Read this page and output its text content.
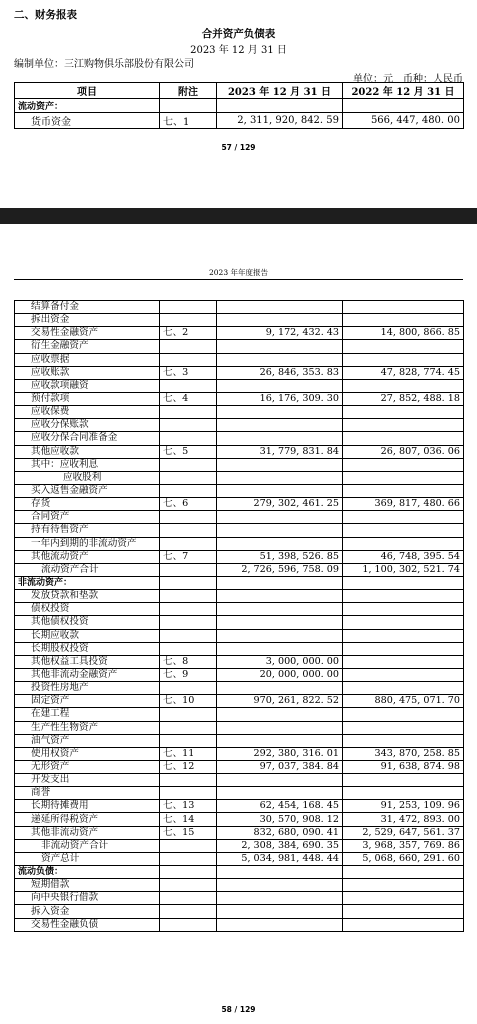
二、财务报表
合并资产负债表
2023 年 12 月 31 日
编制单位：三江购物俱乐部股份有限公司
单位：元　币种：人民币
项目	附注	2023 年 12 月 31 日	2022 年 12 月 31 日
流动资产：			
货币资金	七、1	2, 311, 920, 842. 59	566, 447, 480. 00
57 / 129
2023 年年度报告
结算备付金			
拆出资金			
交易性金融资产	七、2	9, 172, 432. 43	14, 800, 866. 85
衍生金融资产			
应收票据			
应收账款	七、3	26, 846, 353. 83	47, 828, 774. 45
应收款项融资			
预付款项	七、4	16, 176, 309. 30	27, 852, 488. 18
应收保费			
应收分保账款			
应收分保合同准备金			
其他应收款	七、5	31, 779, 831. 84	26, 807, 036. 06
其中：应收利息			
应收股利			
买入返售金融资产			
存货	七、6	279, 302, 461. 25	369, 817, 480. 66
合同资产			
持有待售资产			
一年内到期的非流动资产			
其他流动资产	七、7	51, 398, 526. 85	46, 748, 395. 54
流动资产合计		2, 726, 596, 758. 09	1, 100, 302, 521. 74
非流动资产：			
发放贷款和垫款			
债权投资			
其他债权投资			
长期应收款			
长期股权投资			
其他权益工具投资	七、8	3, 000, 000. 00	
其他非流动金融资产	七、9	20, 000, 000. 00	
投资性房地产			
固定资产	七、10	970, 261, 822. 52	880, 475, 071. 70
在建工程			
生产性生物资产			
油气资产			
使用权资产	七、11	292, 380, 316. 01	343, 870, 258. 85
无形资产	七、12	97, 037, 384. 84	91, 638, 874. 98
开发支出			
商誉			
长期待摊费用	七、13	62, 454, 168. 45	91, 253, 109. 96
递延所得税资产	七、14	30, 570, 908. 12	31, 472, 893. 00
其他非流动资产	七、15	832, 680, 090. 41	2, 529, 647, 561. 37
非流动资产合计		2, 308, 384, 690. 35	3, 968, 357, 769. 86
资产总计		5, 034, 981, 448. 44	5, 068, 660, 291. 60
流动负债：			
短期借款			
向中央银行借款			
拆入资金			
交易性金融负债			
58 / 129
